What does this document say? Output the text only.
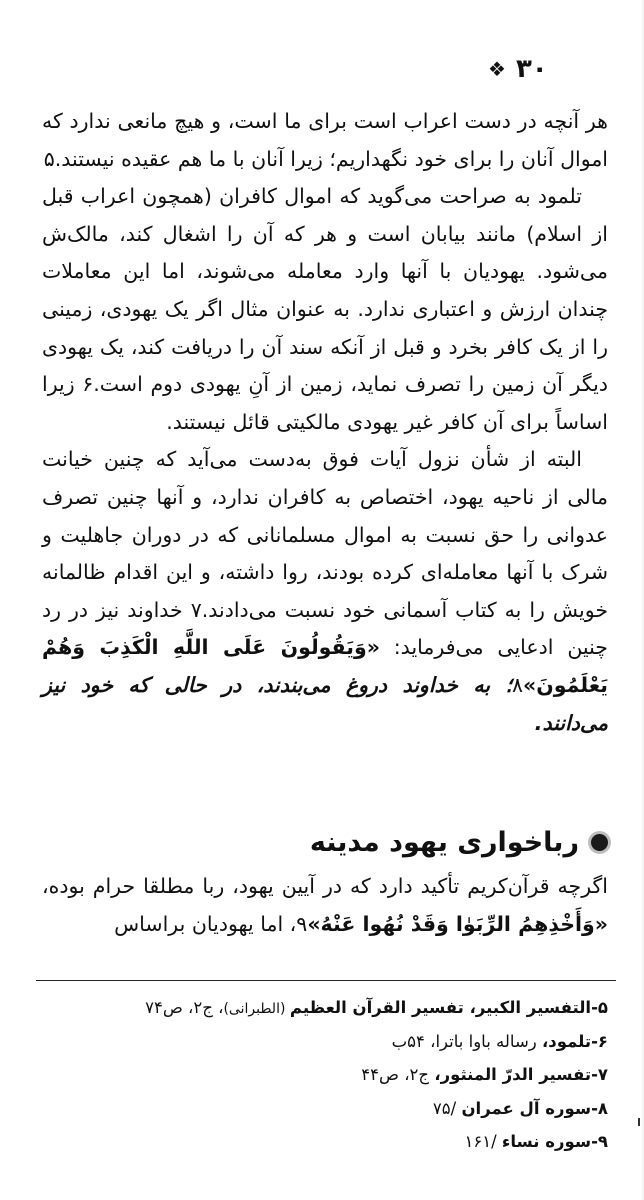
۳۰
❖

هر آنچه در دست اعراب است برای ما است، و هیچ مانعی ندارد که اموال آنان را برای خود نگهداریم؛ زیرا آنان با ما هم عقیده نیستند.۵

تلمود به صراحت می‌گوید که اموال کافران (همچون اعراب قبل از اسلام) مانند بیابان است و هر که آن را اشغال کند، مالک‌ش می‌شود. یهودیان با آنها وارد معامله می‌شوند، اما این معاملات چندان ارزش و اعتباری ندارد. به عنوان مثال اگر یک یهودی، زمینی را از یک کافر بخرد و قبل از آنکه سند آن را دریافت کند، یک یهودی دیگر آن زمین را تصرف نماید، زمین از آنِ یهودی دوم است.۶ زیرا اساساً برای آن کافر غیر یهودی مالکیتی قائل نیستند.

البته از شأن نزول آیات فوق به‌دست می‌آید که چنین خیانت مالی از ناحیه یهود، اختصاص به کافران ندارد، و آنها چنین تصرف عدوانی را حق نسبت به اموال مسلمانانی که در دوران جاهلیت و شرک با آنها معامله‌ای کرده بودند، روا داشته، و این اقدام ظالمانه خویش را به کتاب آسمانی خود نسبت می‌دادند.۷ خداوند نیز در رد چنین ادعایی می‌فرماید: «وَيَقُولُونَ عَلَى اللَّهِ الْكَذِبَ وَهُمْ يَعْلَمُونَ»۸؛ به خداوند دروغ می‌بندند، در حالی که خود نیز می‌دانند.

رباخواری یهود مدینه

اگرچه قرآن‌کریم تأکید دارد که در آیین یهود، ربا مطلقا حرام بوده، «وَأَخْذِهِمُ الرِّبَوٰا وَقَدْ نُهُوا عَنْهُ»۹، اما یهودیان براساس

۵-التفسیر الکبیر، تفسیر القرآن العظیم (الطبرانی)، ج۲، ص۷۴
۶-تلمود، رساله باوا باترا، ۵۴ب
۷-تفسیر الدرّ المنثور، ج۲، ص۴۴
۸-سوره آل عمران /۷۵
۹-سوره نساء /۱۶۱
